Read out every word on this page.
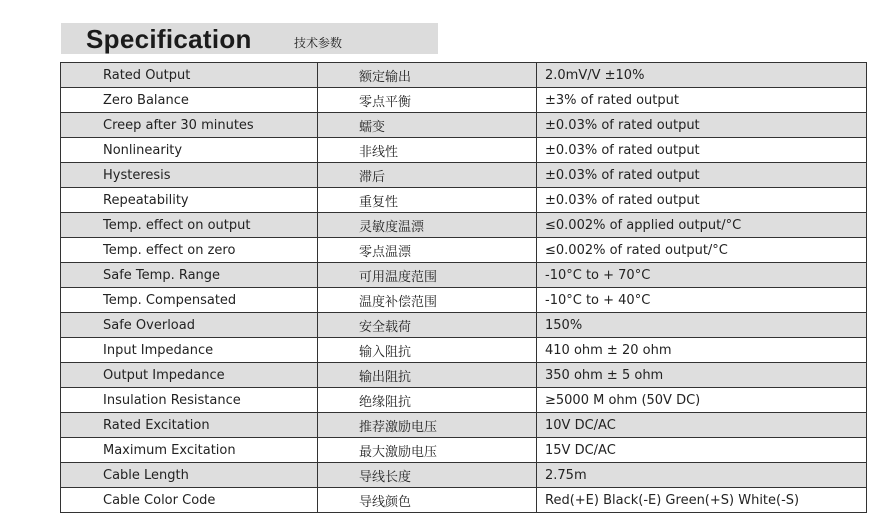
Specification	技术参数
Rated Output	额定输出	2.0mV/V ±10%
Zero Balance	零点平衡	±3% of rated output
Creep after 30 minutes	蠕变	±0.03% of rated output
Nonlinearity	非线性	±0.03% of rated output
Hysteresis	滞后	±0.03% of rated output
Repeatability	重复性	±0.03% of rated output
Temp. effect on output	灵敏度温漂	≤0.002% of applied output/°C
Temp. effect on zero	零点温漂	≤0.002% of rated output/°C
Safe Temp. Range	可用温度范围	-10°C to + 70°C
Temp. Compensated	温度补偿范围	-10°C to + 40°C
Safe Overload	安全载荷	150%
Input Impedance	输入阻抗	410 ohm ± 20 ohm
Output Impedance	输出阻抗	350 ohm ± 5 ohm
Insulation Resistance	绝缘阻抗	≥5000 M ohm (50V DC)
Rated Excitation	推荐激励电压	10V DC/AC
Maximum Excitation	最大激励电压	15V DC/AC
Cable Length	导线长度	2.75m
Cable Color Code	导线颜色	Red(+E) Black(-E) Green(+S) White(-S)
